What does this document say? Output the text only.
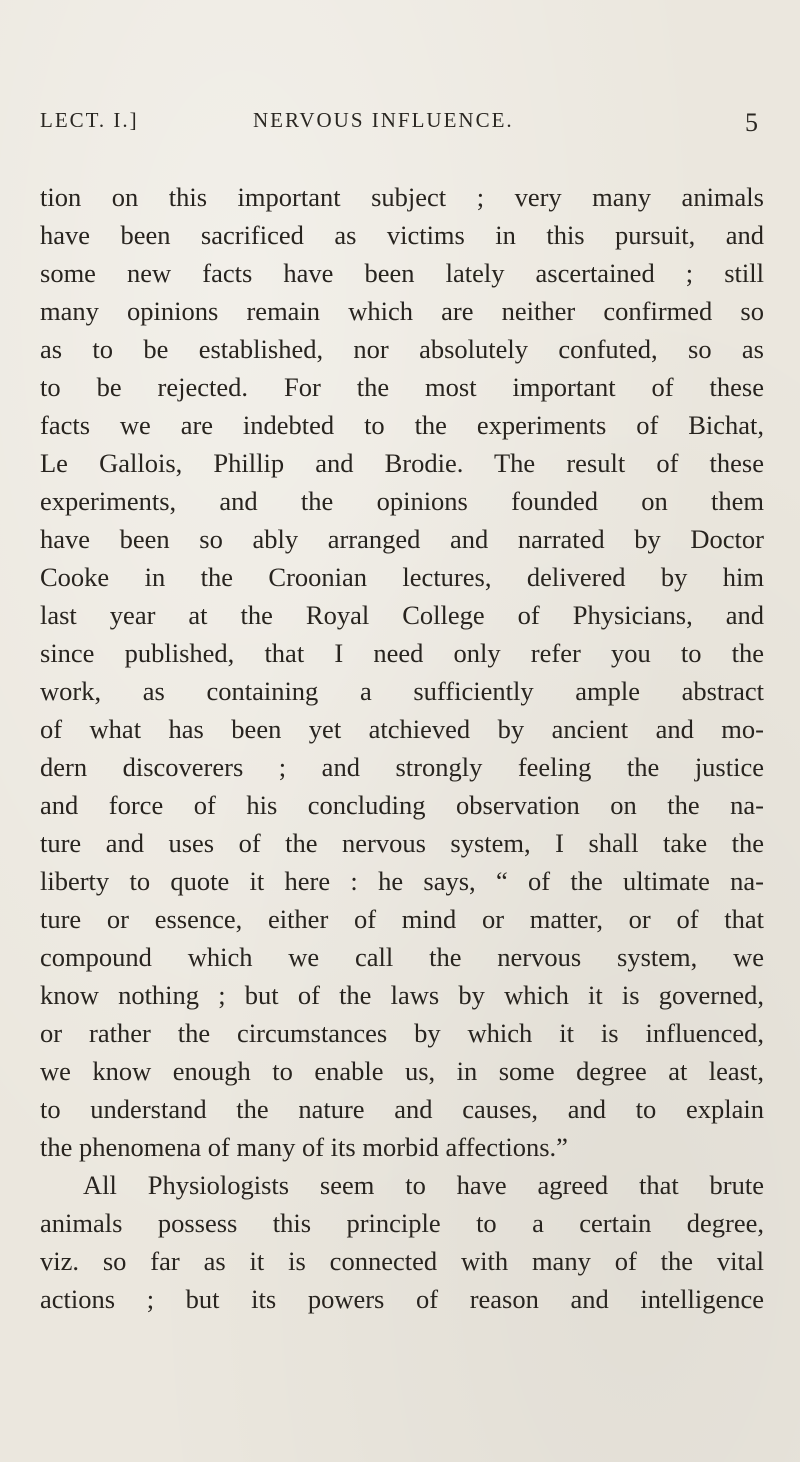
LECT. I.]	NERVOUS INFLUENCE.	5
tion on this important subject ; very many animals
have been sacrificed as victims in this pursuit, and
some new facts have been lately ascertained ; still
many opinions remain which are neither confirmed so
as to be established, nor absolutely confuted, so as
to be rejected. For the most important of these
facts we are indebted to the experiments of Bichat,
Le Gallois, Phillip and Brodie. The result of these
experiments, and the opinions founded on them
have been so ably arranged and narrated by Doctor
Cooke in the Croonian lectures, delivered by him
last year at the Royal College of Physicians, and
since published, that I need only refer you to the
work, as containing a sufficiently ample abstract
of what has been yet atchieved by ancient and mo-
dern discoverers ; and strongly feeling the justice
and force of his concluding observation on the na-
ture and uses of the nervous system, I shall take the
liberty to quote it here : he says, “ of the ultimate na-
ture or essence, either of mind or matter, or of that
compound which we call the nervous system, we
know nothing ; but of the laws by which it is governed,
or rather the circumstances by which it is influenced,
we know enough to enable us, in some degree at least,
to understand the nature and causes, and to explain
the phenomena of many of its morbid affections.”
All Physiologists seem to have agreed that brute
animals possess this principle to a certain degree,
viz. so far as it is connected with many of the vital
actions ; but its powers of reason and intelligence
